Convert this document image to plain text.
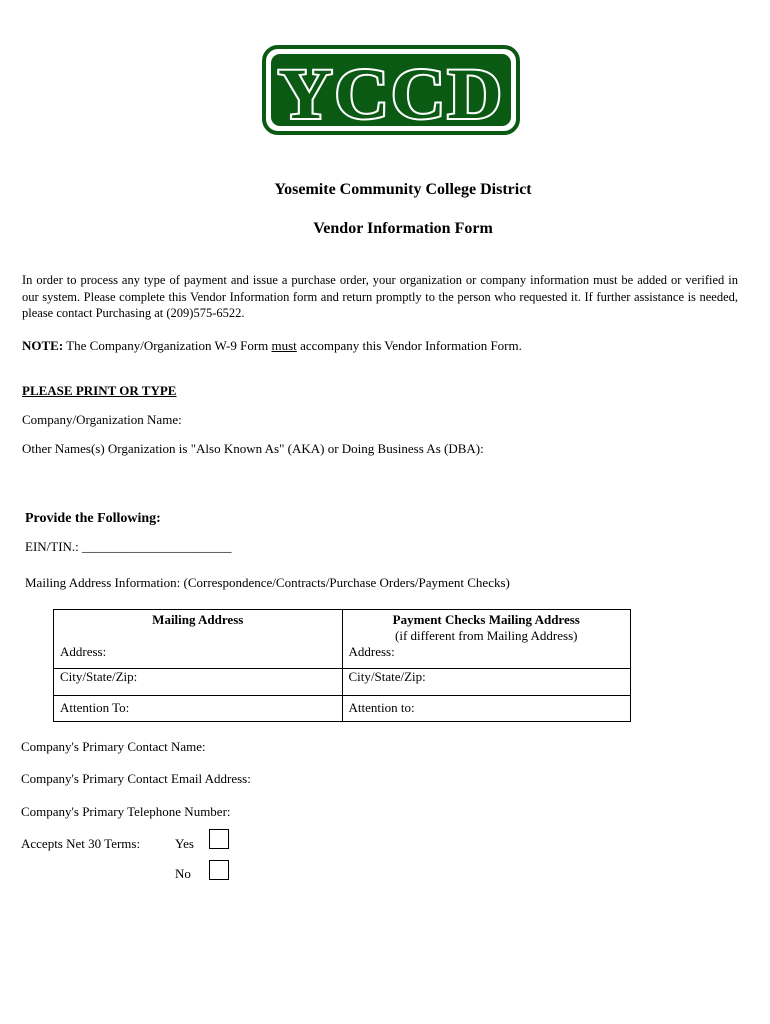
YCCD
Yosemite Community College District
Vendor Information Form
In order to process any type of payment and issue a purchase order, your organization or company information must be added or verified in our system. Please complete this Vendor Information form and return promptly to the person who requested it. If further assistance is needed, please contact Purchasing at (209)575-6522.
NOTE: The Company/Organization W-9 Form must accompany this Vendor Information Form.
PLEASE PRINT OR TYPE
Company/Organization Name:
Other Names(s) Organization is "Also Known As" (AKA) or Doing Business As (DBA):
Provide the Following:
EIN/TIN.: _______________________
Mailing Address Information: (Correspondence/Contracts/Purchase Orders/Payment Checks)
Mailing Address	Payment Checks Mailing Address
(if different from Mailing Address)

Address:	Address:
City/State/Zip:	City/State/Zip:
Attention To:	Attention to:
Company's Primary Contact Name:
Company's Primary Contact Email Address:
Company's Primary Telephone Number:
Accepts Net 30 Terms:	Yes
No
